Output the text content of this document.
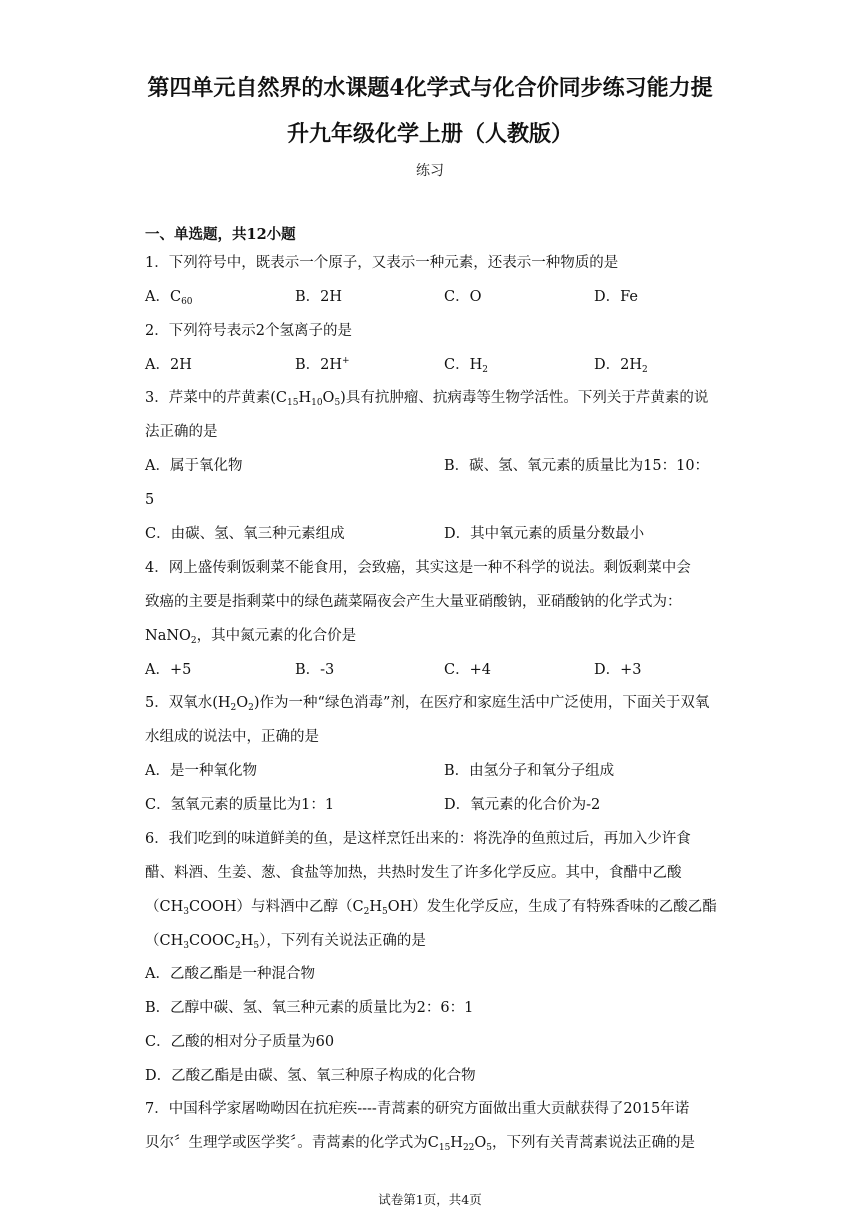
第四单元自然界的水课题4化学式与化合价同步练习能力提
升九年级化学上册（人教版）
练习
一、单选题，共12小题
1．下列符号中，既表示一个原子，又表示一种元素，还表示一种物质的是
A．$C_{60}$	B．2H	C．O	D．Fe
2．下列符号表示2个氢离子的是
A．2H	B．2H+	C．$H_2$	D．$2H_2$
3．芹菜中的芹黄素$(C_{15}H_{10}O_5)$具有抗肿瘤、抗病毒等生物学活性。下列关于芹黄素的说
法正确的是
A．属于氧化物	B．碳、氢、氧元素的质量比为15：10：
5
C．由碳、氢、氧三种元素组成	D．其中氧元素的质量分数最小
4．网上盛传剩饭剩菜不能食用，会致癌，其实这是一种不科学的说法。剩饭剩菜中会
致癌的主要是指剩菜中的绿色蔬菜隔夜会产生大量亚硝酸钠，亚硝酸钠的化学式为：
NaNO$_2$，其中氮元素的化合价是
A．+5	B．-3	C．+4	D．+3
5．双氧水$(H_2O_2)$作为一种“绿色消毒”剂，在医疗和家庭生活中广泛使用，下面关于双氧
水组成的说法中，正确的是
A．是一种氧化物	B．由氢分子和氧分子组成
C．氢氧元素的质量比为1：1	D．氧元素的化合价为-2
6．我们吃到的味道鲜美的鱼，是这样烹饪出来的：将洗净的鱼煎过后，再加入少许食
醋、料酒、生姜、葱、食盐等加热，共热时发生了许多化学反应。其中，食醋中乙酸
$(CH_3COOH)$与料酒中乙醇$(C_2H_5OH)$发生化学反应，生成了有特殊香味的乙酸乙酯
$(CH_3COOC_2H_5)$，下列有关说法正确的是
A．乙酸乙酯是一种混合物
B．乙醇中碳、氢、氧三种元素的质量比为2：6：1
C．乙酸的相对分子质量为60
D．乙酸乙酯是由碳、氢、氧三种原子构成的化合物
7．中国科学家屠呦呦因在抗疟疾----青蒿素的研究方面做出重大贡献获得了2015年诺
贝尔〞生理学或医学奖〞。青蒿素的化学式为$C_{15}H_{22}O_5$，下列有关青蒿素说法正确的是
试卷第1页，共4页
